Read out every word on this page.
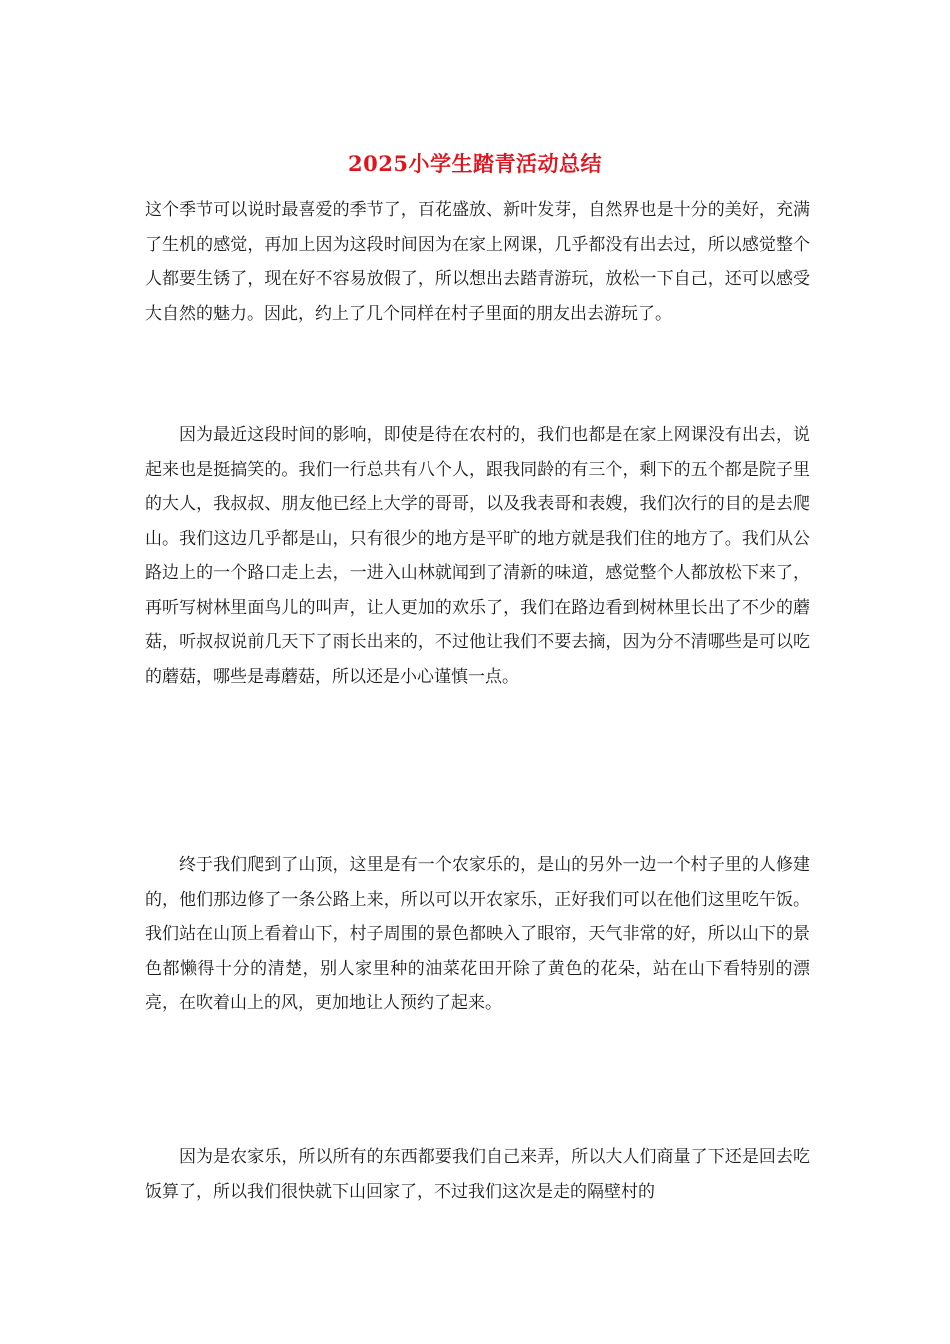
2025小学生踏青活动总结

这个季节可以说时最喜爱的季节了，百花盛放、新叶发芽，自然界也是十分的美好，充满了生机的感觉，再加上因为这段时间因为在家上网课，几乎都没有出去过，所以感觉整个人都要生锈了，现在好不容易放假了，所以想出去踏青游玩，放松一下自己，还可以感受大自然的魅力。因此，约上了几个同样在村子里面的朋友出去游玩了。

因为最近这段时间的影响，即使是待在农村的，我们也都是在家上网课没有出去，说起来也是挺搞笑的。我们一行总共有八个人，跟我同龄的有三个，剩下的五个都是院子里的大人，我叔叔、朋友他已经上大学的哥哥，以及我表哥和表嫂，我们次行的目的是去爬山。我们这边几乎都是山，只有很少的地方是平旷的地方就是我们住的地方了。我们从公路边上的一个路口走上去，一进入山林就闻到了清新的味道，感觉整个人都放松下来了，再听写树林里面鸟儿的叫声，让人更加的欢乐了，我们在路边看到树林里长出了不少的蘑菇，听叔叔说前几天下了雨长出来的，不过他让我们不要去摘，因为分不清哪些是可以吃的蘑菇，哪些是毒蘑菇，所以还是小心谨慎一点。

终于我们爬到了山顶，这里是有一个农家乐的，是山的另外一边一个村子里的人修建的，他们那边修了一条公路上来，所以可以开农家乐，正好我们可以在他们这里吃午饭。我们站在山顶上看着山下，村子周围的景色都映入了眼帘，天气非常的好，所以山下的景色都懒得十分的清楚，别人家里种的油菜花田开除了黄色的花朵，站在山下看特别的漂亮，在吹着山上的风，更加地让人预约了起来。

因为是农家乐，所以所有的东西都要我们自己来弄，所以大人们商量了下还是回去吃饭算了，所以我们很快就下山回家了，不过我们这次是走的隔壁村的
